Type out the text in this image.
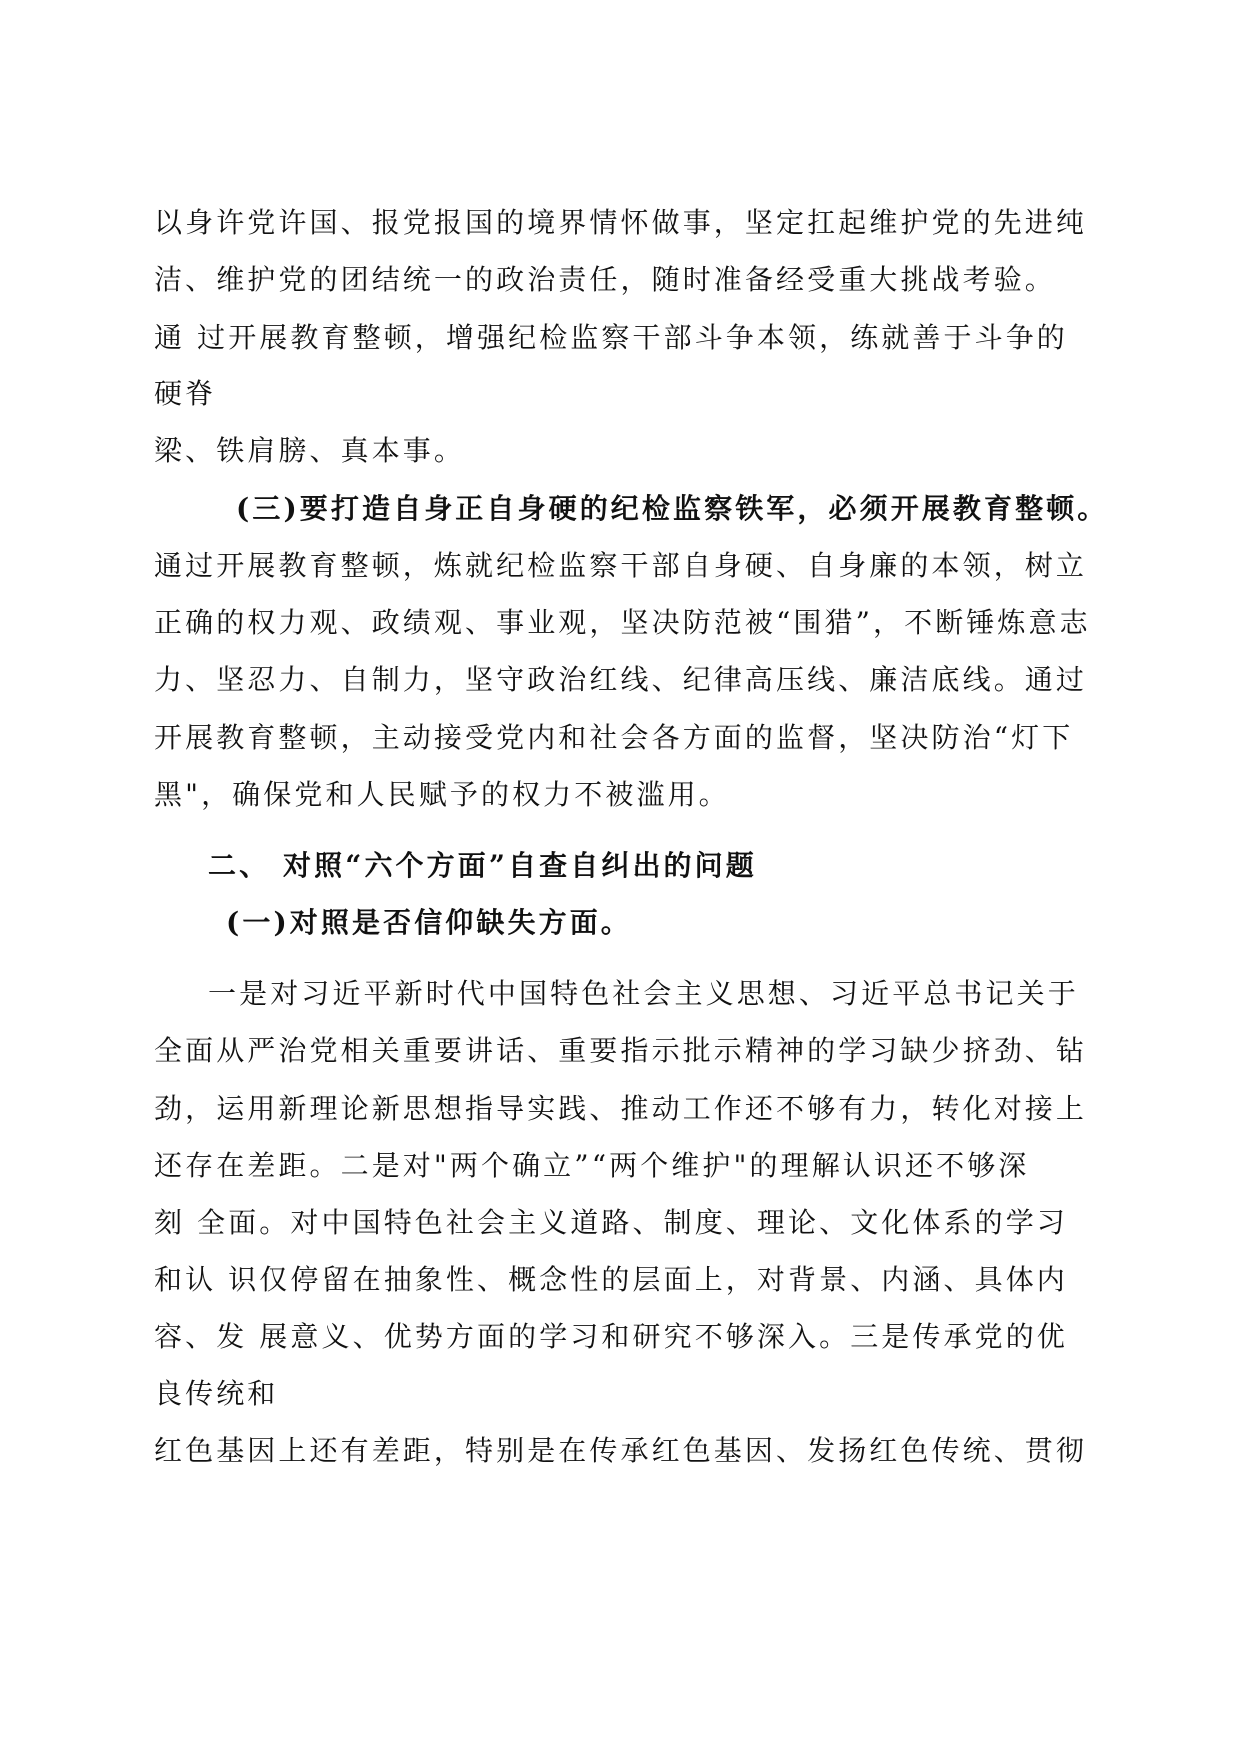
以身许党许国、报党报国的境界情怀做事，坚定扛起维护党的先进纯

洁、维护党的团结统一的政治责任，随时准备经受重大挑战考验。

通 过开展教育整顿，增强纪检监察干部斗争本领，练就善于斗争的

硬脊

梁、铁肩膀、真本事。

(三)要打造自身正自身硬的纪检监察铁军，必须开展教育整顿。

通过开展教育整顿，炼就纪检监察干部自身硬、自身廉的本领，树立

正确的权力观、政绩观、事业观，坚决防范被“围猎”，不断锤炼意志

力、坚忍力、自制力，坚守政治红线、纪律高压线、廉洁底线。通过

开展教育整顿，主动接受党内和社会各方面的监督，坚决防治“灯下

黑"，确保党和人民赋予的权力不被滥用。

二、 对照“六个方面”自查自纠出的问题

(一)对照是否信仰缺失方面。

一是对习近平新时代中国特色社会主义思想、习近平总书记关于

全面从严治党相关重要讲话、重要指示批示精神的学习缺少挤劲、钻

劲，运用新理论新思想指导实践、推动工作还不够有力，转化对接上

还存在差距。二是对"两个确立”“两个维护"的理解认识还不够深

刻 全面。对中国特色社会主义道路、制度、理论、文化体系的学习

和认 识仅停留在抽象性、概念性的层面上，对背景、内涵、具体内

容、发 展意义、优势方面的学习和研究不够深入。三是传承党的优

良传统和

红色基因上还有差距，特别是在传承红色基因、发扬红色传统、贯彻
